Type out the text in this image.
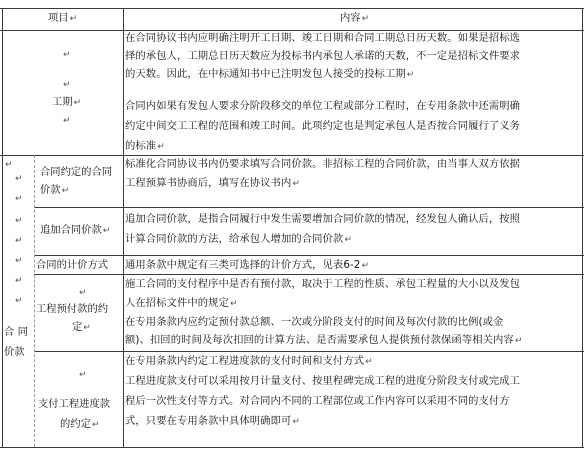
项目↵	内容↵
↵
↵
工期↵
↵
在合同协议书内应明确注明开工日期、竣工日期和合同工期总日历天数。如果是招标选
择的承包人，工期总日历天数应为投标书内承包人承诺的天数，不一定是招标文件要求
的天数。因此，在中标通知书中已注明发包人接受的投标工期↵
合同内如果有发包人要求分阶段移交的单位工程或部分工程时，在专用条款中还需明确
约定中间交工工程的范围和竣工时间。此项约定也是判定承包人是否按合同履行了义务
的标准↵
↵
↵
↵
↵
↵
↵
↵
↵
合 同
价款
合同约定的合同
价款↵
标准化合同协议书内仍要求填写合同价款。非招标工程的合同价款，由当事人双方依据
工程预算书协商后，填写在协议书内↵
追加合同价款↵
追加合同价款，是指合同履行中发生需要增加合同价款的情况，经发包人确认后，按照
计算合同价款的方法，给承包人增加的合同价款↵
合同的计价方式 通用条款中规定有三类可选择的计价方式，见表6-2↵
↵
工程预付款的约
定↵
施工合同的支付程序中是否有预付款，取决于工程的性质、承包工程量的大小以及发包
人在招标文件中的规定↵
在专用条款内应约定预付款总额、一次或分阶段支付的时间及每次付款的比例(或金
额)、扣回的时间及每次扣回的计算方法、是否需要承包人提供预付款保函等相关内容↵
↵
支付工程进度款
的约定↵
在专用条款内约定工程进度款的支付时间和支付方式↵
工程进度款支付可以采用按月计量支付、按里程碑完成工程的进度分阶段支付或完成工
程后一次性支付等方式。对合同内不同的工程部位或工作内容可以采用不同的支付方
式，只要在专用条款中具体明确即可↵
